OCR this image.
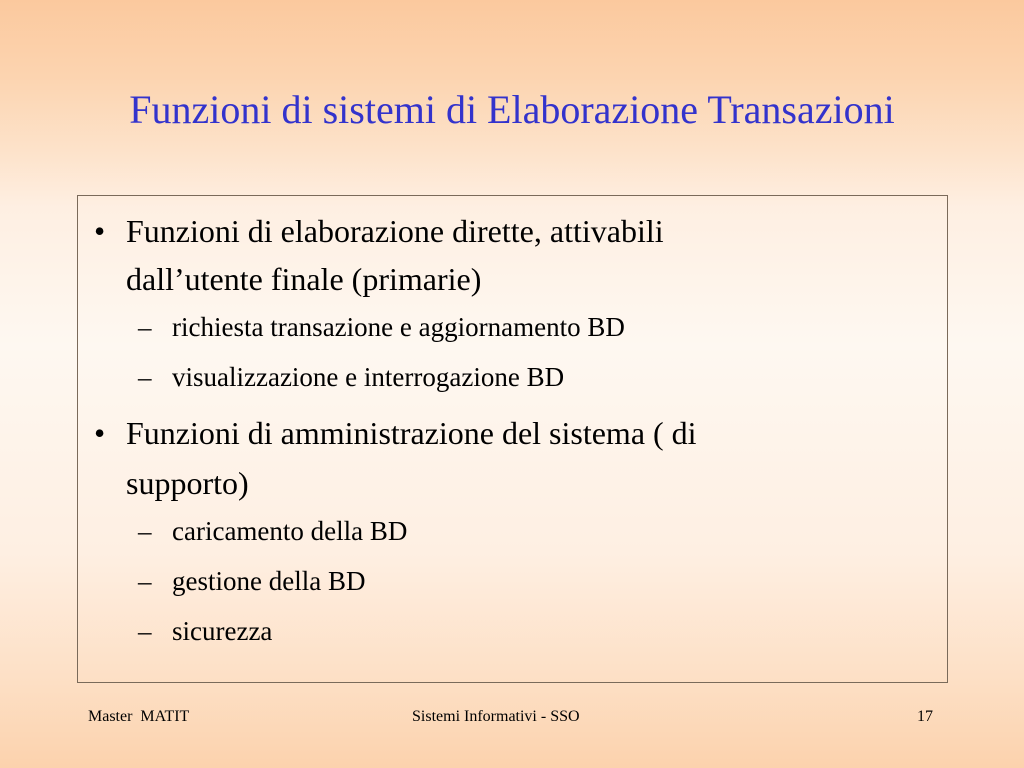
Funzioni di sistemi di Elaborazione Transazioni
• Funzioni di elaborazione dirette, attivabili
dall’utente finale (primarie)
– richiesta transazione e aggiornamento BD
– visualizzazione e interrogazione BD
• Funzioni di amministrazione del sistema ( di
supporto)
– caricamento della BD
– gestione della BD
– sicurezza
Master  MATIT	Sistemi Informativi - SSO	17
